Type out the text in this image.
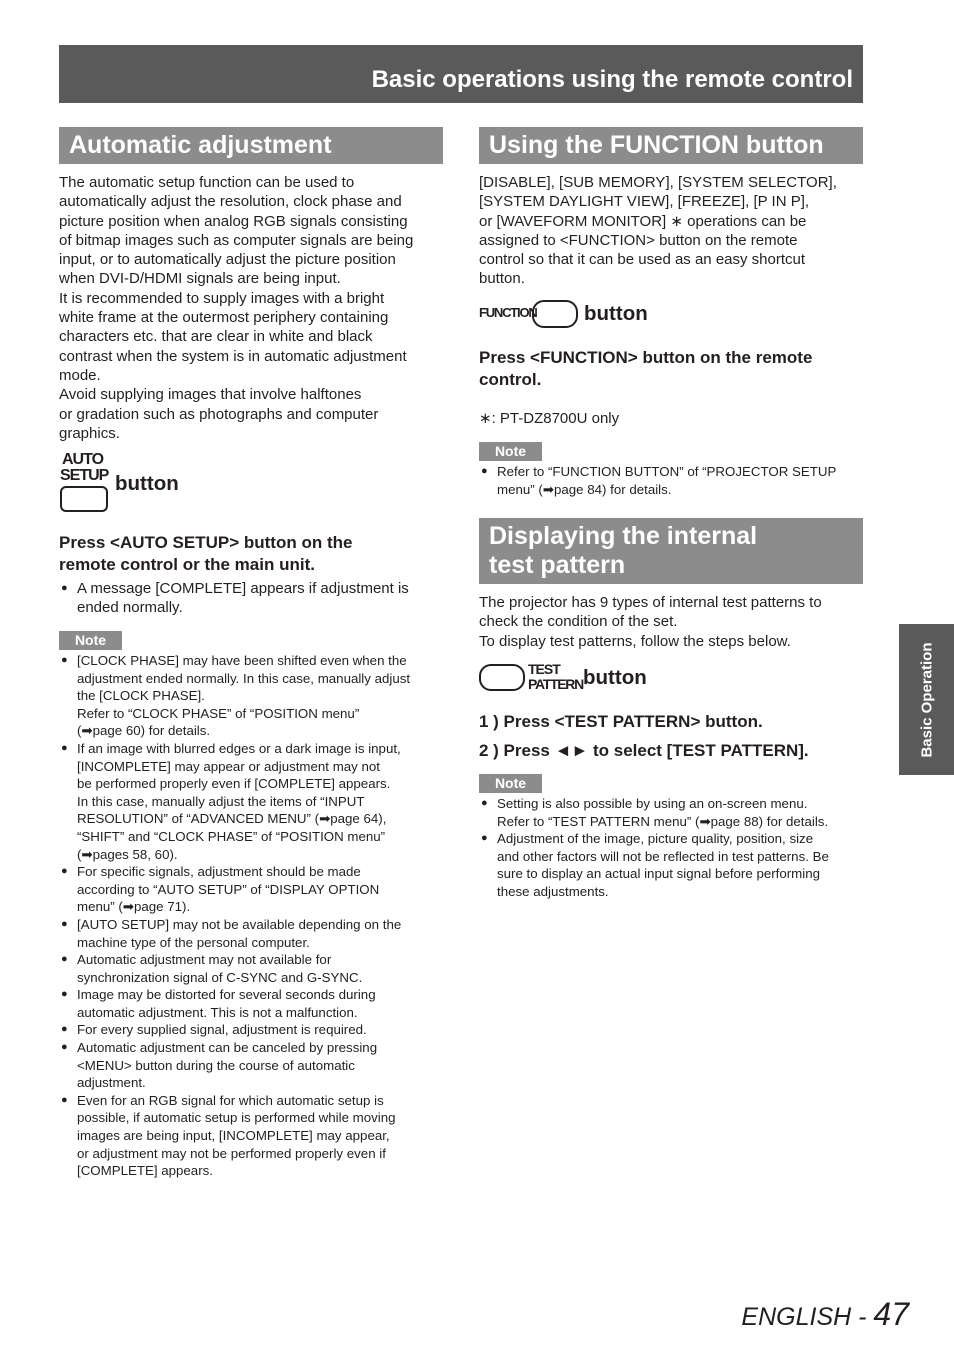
Basic operations using the remote control
Basic Operation
Automatic adjustment

The automatic setup function can be used to

automatically adjust the resolution, clock phase and

picture position when analog RGB signals consisting

of bitmap images such as computer signals are being

input, or to automatically adjust the picture position

when DVI-D/HDMI signals are being input.

It is recommended to supply images with a bright

white frame at the outermost periphery containing

characters etc. that are clear in white and black

contrast when the system is in automatic adjustment

mode.

Avoid supplying images that involve halftones

or gradation such as photographs and computer

graphics.

AUTO
SETUP button

Press <AUTO SETUP> button on the

remote control or the main unit.

● A message [COMPLETE] appears if adjustment is
ended normally.
Note
● [CLOCK PHASE] may have been shifted even when the
adjustment ended normally. In this case, manually adjust
the [CLOCK PHASE].
Refer to “CLOCK PHASE” of “POSITION menu”
(➡page 60) for details.
● If an image with blurred edges or a dark image is input,
[INCOMPLETE] may appear or adjustment may not
be performed properly even if [COMPLETE] appears.
In this case, manually adjust the items of “INPUT
RESOLUTION” of “ADVANCED MENU” (➡page 64),
“SHIFT” and “CLOCK PHASE” of “POSITION menu”
(➡pages 58, 60).
● For specific signals, adjustment should be made
according to “AUTO SETUP” of “DISPLAY OPTION
menu” (➡page 71).
● [AUTO SETUP] may not be available depending on the
machine type of the personal computer.
● Automatic adjustment may not available for
synchronization signal of C-SYNC and G-SYNC.
● Image may be distorted for several seconds during
automatic adjustment. This is not a malfunction.
● For every supplied signal, adjustment is required.
● Automatic adjustment can be canceled by pressing
<MENU> button during the course of automatic
adjustment.
● Even for an RGB signal for which automatic setup is
possible, if automatic setup is performed while moving
images are being input, [INCOMPLETE] may appear,
or adjustment may not be performed properly even if
[COMPLETE] appears.
Using the FUNCTION button

[DISABLE], [SUB MEMORY], [SYSTEM SELECTOR],

[SYSTEM DAYLIGHT VIEW], [FREEZE], [P IN P],

or [WAVEFORM MONITOR] ∗ operations can be

assigned to <FUNCTION> button on the remote

control so that it can be used as an easy shortcut

button.

FUNCTION button

Press <FUNCTION> button on the remote

control.

∗: PT-DZ8700U only
Note
● Refer to “FUNCTION BUTTON” of “PROJECTOR SETUP
menu” (➡page 84) for details.
Displaying the internal
test pattern

The projector has 9 types of internal test patterns to

check the condition of the set.

To display test patterns, follow the steps below.

TEST
PATTERN button
1 ) Press <TEST PATTERN> button.
2 ) Press ◄► to select [TEST PATTERN].
Note
● Setting is also possible by using an on-screen menu.
Refer to “TEST PATTERN menu” (➡page 88) for details.
● Adjustment of the image, picture quality, position, size
and other factors will not be reflected in test patterns. Be
sure to display an actual input signal before performing
these adjustments.
ENGLISH - 47
